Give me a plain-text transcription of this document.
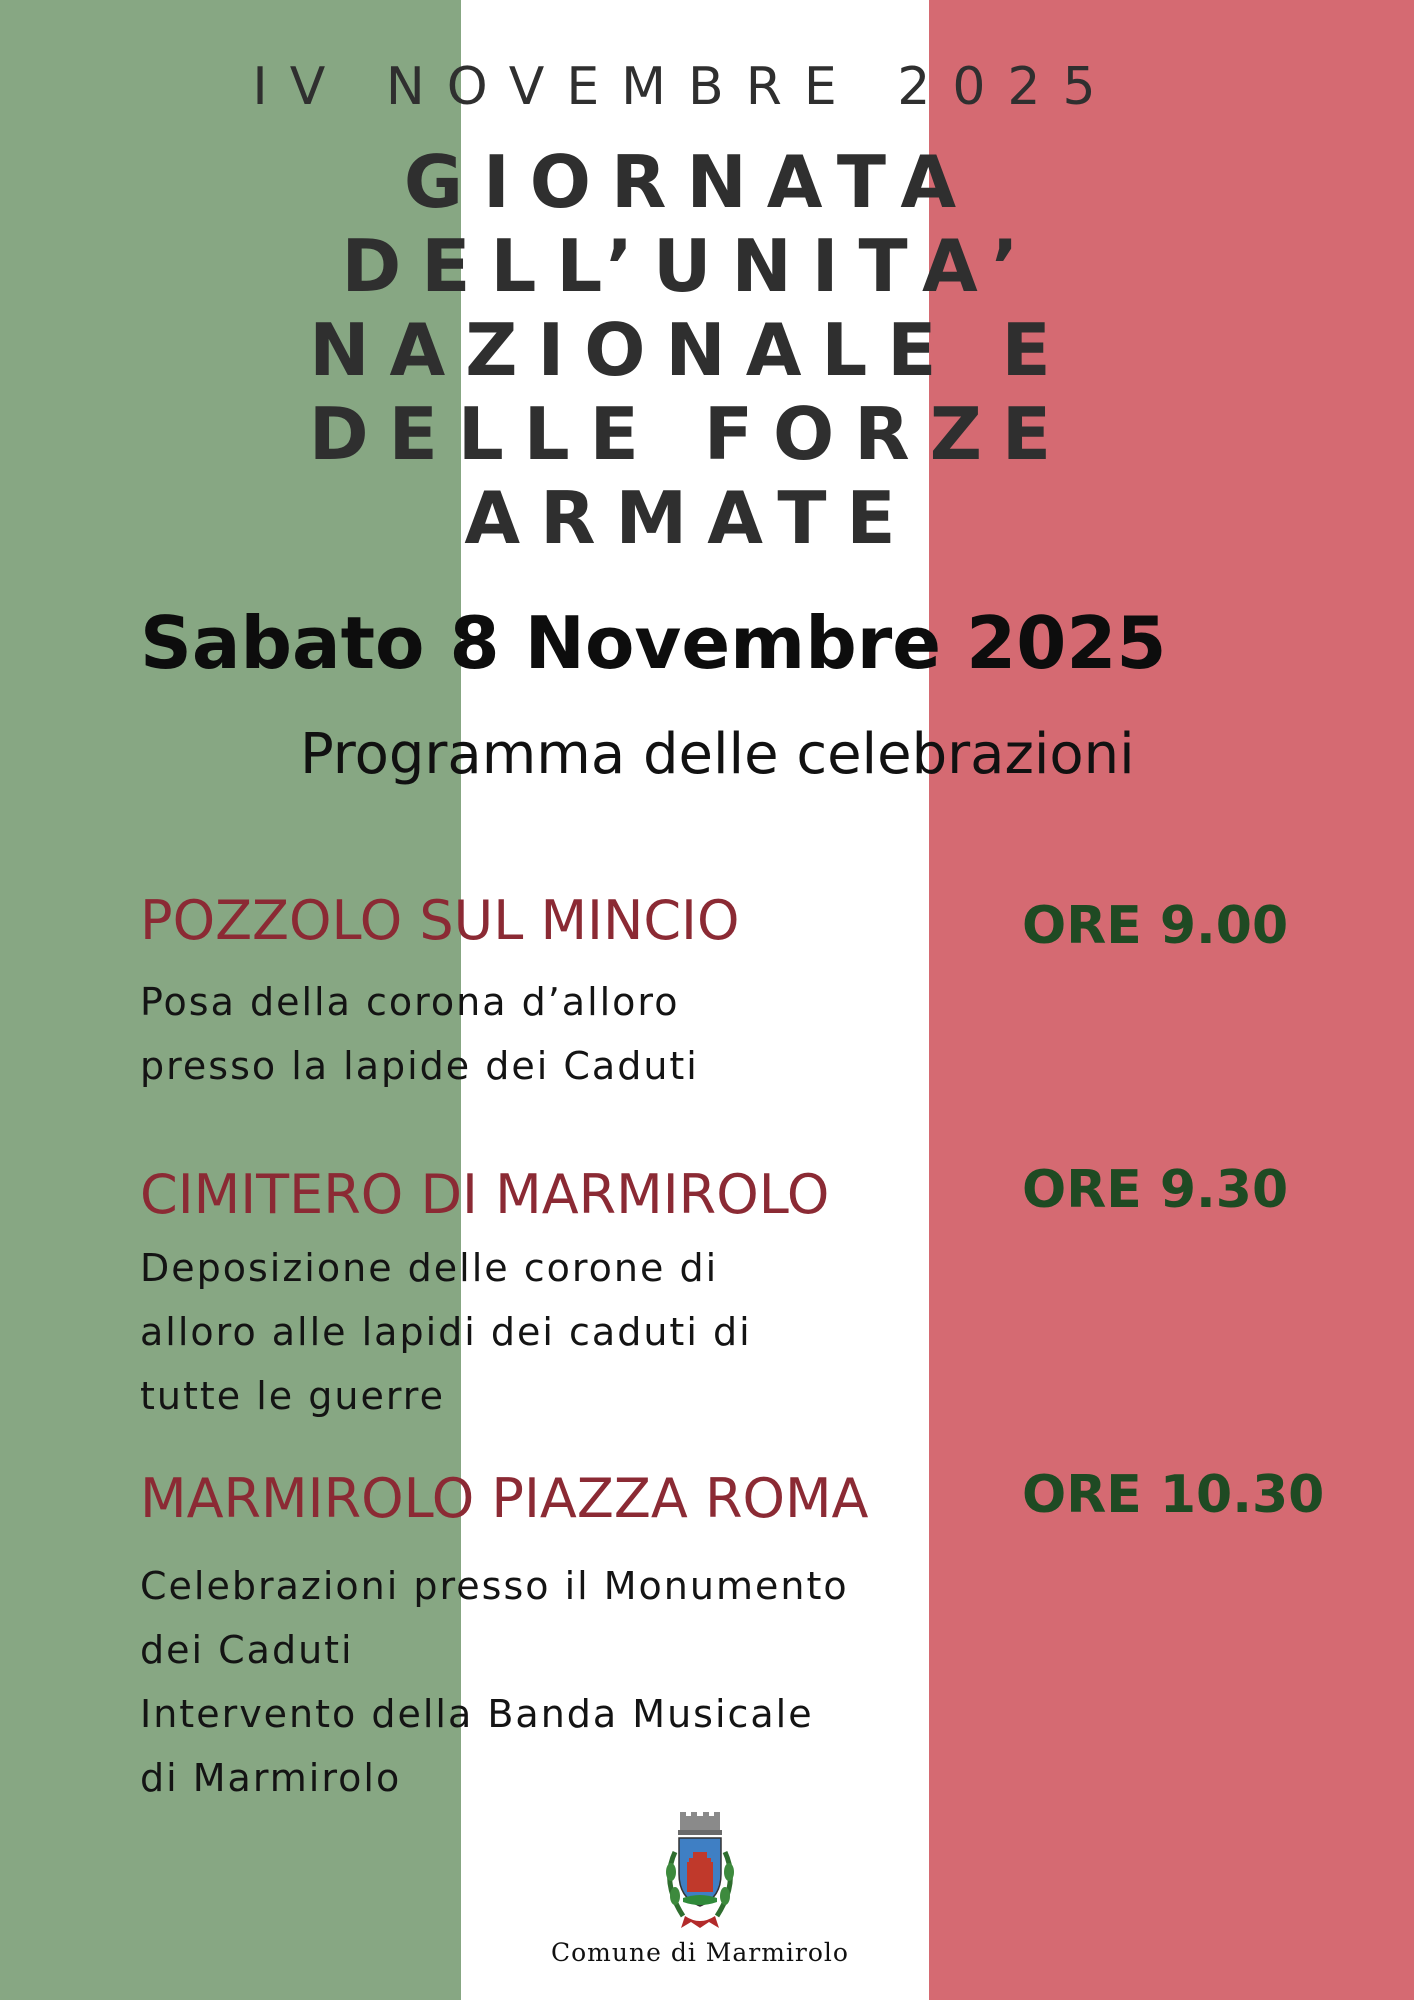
IV NOVEMBRE 2025
GIORNATA
DELL’UNITA’
NAZIONALE E
DELLE FORZE
ARMATE
Sabato 8 Novembre 2025
Programma delle celebrazioni
POZZOLO SUL MINCIO
Posa della corona d’alloro
presso la lapide dei Caduti
ORE 9.00
CIMITERO DI MARMIROLO
Deposizione delle corone di
alloro alle lapidi dei caduti di
tutte le guerre
ORE 9.30
MARMIROLO PIAZZA ROMA
Celebrazioni presso il Monumento
dei Caduti
Intervento della Banda Musicale
di Marmirolo
ORE 10.30
Comune di Marmirolo
